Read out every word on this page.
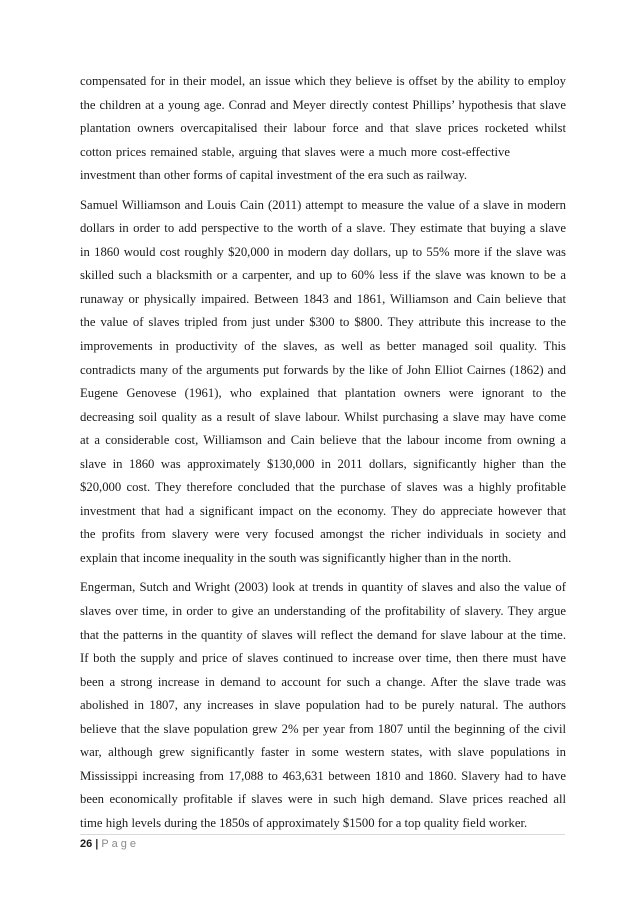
compensated for in their model, an issue which they believe is offset by the ability to employ
the children at a young age. Conrad and Meyer directly contest Phillips’ hypothesis that slave
plantation owners overcapitalised their labour force and that slave prices rocketed whilst
cotton prices remained stable, arguing that slaves were a much more cost-effective
investment than other forms of capital investment of the era such as railway.
Samuel Williamson and Louis Cain (2011) attempt to measure the value of a slave in modern
dollars in order to add perspective to the worth of a slave. They estimate that buying a slave
in 1860 would cost roughly $20,000 in modern day dollars, up to 55% more if the slave was
skilled such a blacksmith or a carpenter, and up to 60% less if the slave was known to be a
runaway or physically impaired. Between 1843 and 1861, Williamson and Cain believe that
the value of slaves tripled from just under $300 to $800. They attribute this increase to the
improvements in productivity of the slaves, as well as better managed soil quality. This
contradicts many of the arguments put forwards by the like of John Elliot Cairnes (1862) and
Eugene Genovese (1961), who explained that plantation owners were ignorant to the
decreasing soil quality as a result of slave labour. Whilst purchasing a slave may have come
at a considerable cost, Williamson and Cain believe that the labour income from owning a
slave in 1860 was approximately $130,000 in 2011 dollars, significantly higher than the
$20,000 cost. They therefore concluded that the purchase of slaves was a highly profitable
investment that had a significant impact on the economy. They do appreciate however that
the profits from slavery were very focused amongst the richer individuals in society and
explain that income inequality in the south was significantly higher than in the north.
Engerman, Sutch and Wright (2003) look at trends in quantity of slaves and also the value of
slaves over time, in order to give an understanding of the profitability of slavery. They argue
that the patterns in the quantity of slaves will reflect the demand for slave labour at the time.
If both the supply and price of slaves continued to increase over time, then there must have
been a strong increase in demand to account for such a change. After the slave trade was
abolished in 1807, any increases in slave population had to be purely natural. The authors
believe that the slave population grew 2% per year from 1807 until the beginning of the civil
war, although grew significantly faster in some western states, with slave populations in
Mississippi increasing from 17,088 to 463,631 between 1810 and 1860. Slavery had to have
been economically profitable if slaves were in such high demand. Slave prices reached all
time high levels during the 1850s of approximately $1500 for a top quality field worker.
26 | Page
